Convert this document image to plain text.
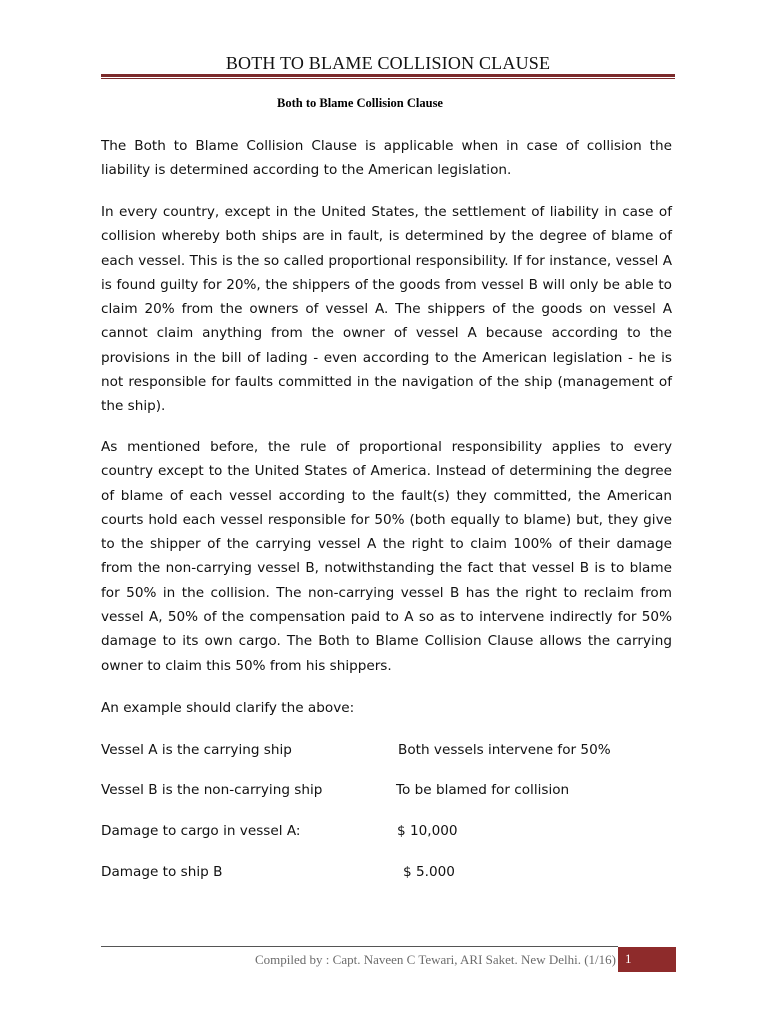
BOTH TO BLAME COLLISION CLAUSE
Both to Blame Collision Clause

The Both to Blame Collision Clause is applicable when in case of collision the liability is determined according to the American legislation.

In every country, except in the United States, the settlement of liability in case of collision whereby both ships are in fault, is determined by the degree of blame of each vessel. This is the so called proportional responsibility. If for instance, vessel A is found guilty for 20%, the shippers of the goods from vessel B will only be able to claim 20% from the owners of vessel A. The shippers of the goods on vessel A cannot claim anything from the owner of vessel A because according to the provisions in the bill of lading - even according to the American legislation - he is not responsible for faults committed in the navigation of the ship (management of the ship).

As mentioned before, the rule of proportional responsibility applies to every country except to the United States of America. Instead of determining the degree of blame of each vessel according to the fault(s) they committed, the American courts hold each vessel responsible for 50% (both equally to blame) but, they give to the shipper of the carrying vessel A the right to claim 100% of their damage from the non-carrying vessel B, notwithstanding the fact that vessel B is to blame for 50% in the collision. The non-carrying vessel B has the right to reclaim from vessel A, 50% of the compensation paid to A so as to intervene indirectly for 50% damage to its own cargo. The Both to Blame Collision Clause allows the carrying owner to claim this 50% from his shippers.

An example should clarify the above:

Vessel A is the carrying ship	Both vessels intervene for 50%
Vessel B is the non-carrying ship	To be blamed for collision
Damage to cargo in vessel A:	$ 10,000
Damage to ship B	$ 5.000
Compiled by : Capt. Naveen C Tewari, ARI Saket. New Delhi. (1/16) 1
